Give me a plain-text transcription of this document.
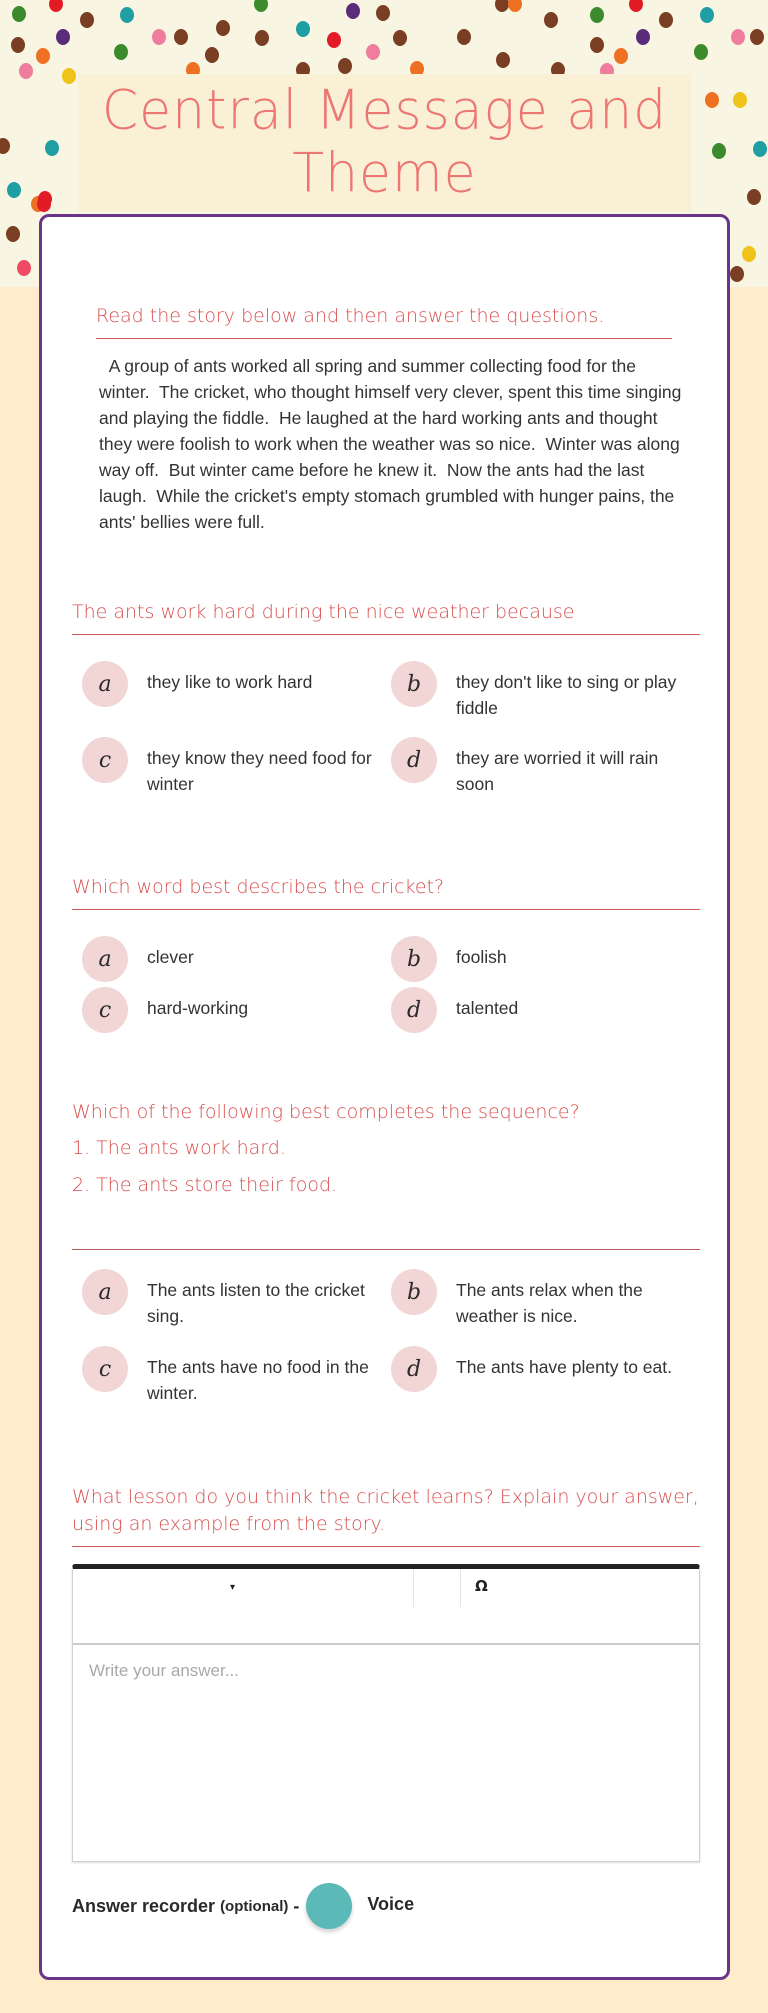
Central Message and
Theme
Read the story below and then answer the questions.
A group of ants worked all spring and summer collecting food for the winter.  The cricket, who thought himself very clever, spent this time singing and playing the fiddle.  He laughed at the hard working ants and thought they were foolish to work when the weather was so nice.  Winter was along way off.  But winter came before he knew it.  Now the ants had the last laugh.  While the cricket's empty stomach grumbled with hunger pains, the ants' bellies were full.
The ants work hard during the nice weather because
a	they like to work hard	b	they don't like to sing or play fiddle
c	they know they need food for winter
d	they are worried it will rain soon
Which word best describes the cricket?
a	clever	b	foolish
c	hard-working	d	talented
Which of the following best completes the sequence?
1. The ants work hard.
2. The ants store their food.
a	The ants listen to the cricket sing.
b	The ants relax when the weather is nice.
c	The ants have no food in the winter.
d	The ants have plenty to eat.
What lesson do you think the cricket learns? Explain your answer, using an example from the story.
▾	Ω
Write your answer...
Answer recorder (optional) -	Voice
